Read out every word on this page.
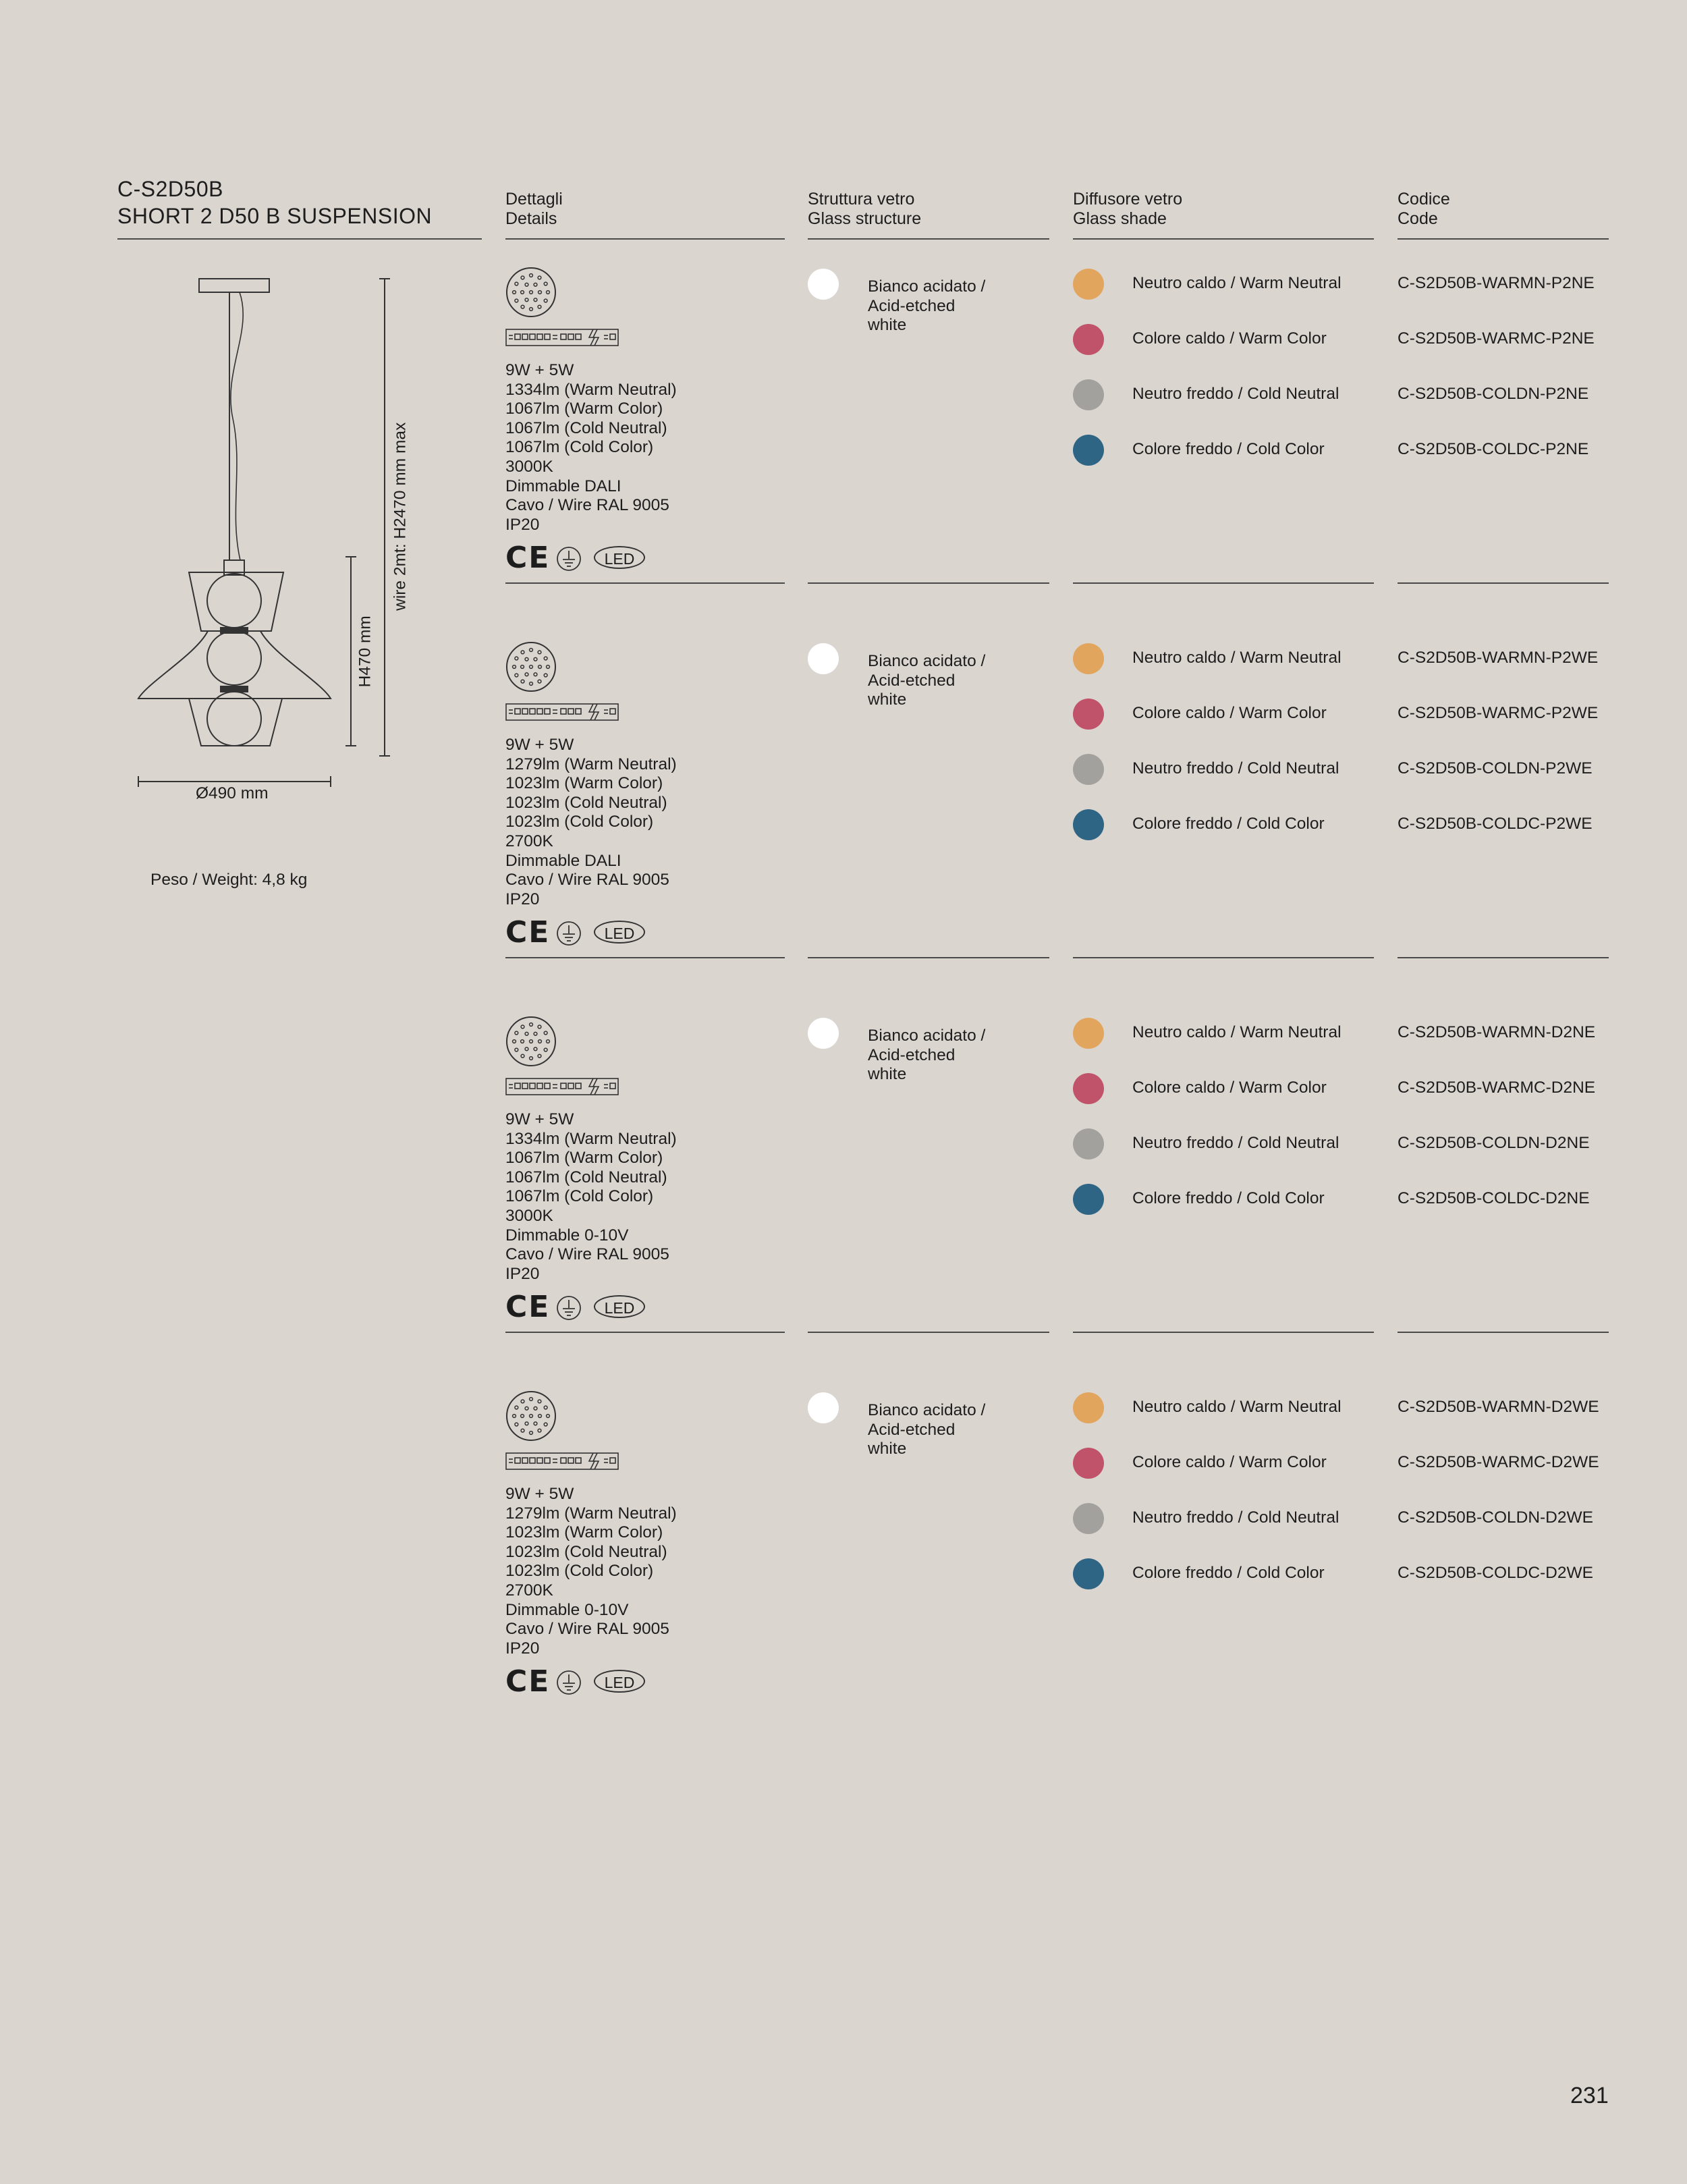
C-S2D50B
SHORT 2 D50 B SUSPENSION
Dettagli
Details
Struttura vetro
Glass structure
Diffusore vetro
Glass shade
Codice
Code
Ø490 mm
H470 mm
wire 2mt: H2470 mm max
Peso / Weight: 4,8 kg

9W + 5W

1334lm (Warm Neutral)

1067lm (Warm Color)

1067lm (Cold Neutral)

1067lm (Cold Color)

3000K

Dimmable DALI

Cavo / Wire RAL 9005

IP20

CE	LED
Bianco acidato /
Acid-etched
white
Neutro caldo / Warm Neutral	C-S2D50B-WARMN-P2NE
Colore caldo / Warm Color	C-S2D50B-WARMC-P2NE
Neutro freddo / Cold Neutral	C-S2D50B-COLDN-P2NE
Colore freddo / Cold Color	C-S2D50B-COLDC-P2NE

9W + 5W

1279lm (Warm Neutral)

1023lm (Warm Color)

1023lm (Cold Neutral)

1023lm (Cold Color)

2700K

Dimmable DALI

Cavo / Wire RAL 9005

IP20

CE	LED
Bianco acidato /
Acid-etched
white
Neutro caldo / Warm Neutral	C-S2D50B-WARMN-P2WE
Colore caldo / Warm Color	C-S2D50B-WARMC-P2WE
Neutro freddo / Cold Neutral	C-S2D50B-COLDN-P2WE
Colore freddo / Cold Color	C-S2D50B-COLDC-P2WE

9W + 5W

1334lm (Warm Neutral)

1067lm (Warm Color)

1067lm (Cold Neutral)

1067lm (Cold Color)

3000K

Dimmable 0-10V

Cavo / Wire RAL 9005

IP20

CE	LED
Bianco acidato /
Acid-etched
white
Neutro caldo / Warm Neutral	C-S2D50B-WARMN-D2NE
Colore caldo / Warm Color	C-S2D50B-WARMC-D2NE
Neutro freddo / Cold Neutral	C-S2D50B-COLDN-D2NE
Colore freddo / Cold Color	C-S2D50B-COLDC-D2NE

9W + 5W

1279lm (Warm Neutral)

1023lm (Warm Color)

1023lm (Cold Neutral)

1023lm (Cold Color)

2700K

Dimmable 0-10V

Cavo / Wire RAL 9005

IP20

CE	LED
Bianco acidato /
Acid-etched
white
Neutro caldo / Warm Neutral	C-S2D50B-WARMN-D2WE
Colore caldo / Warm Color	C-S2D50B-WARMC-D2WE
Neutro freddo / Cold Neutral	C-S2D50B-COLDN-D2WE
Colore freddo / Cold Color	C-S2D50B-COLDC-D2WE
231
